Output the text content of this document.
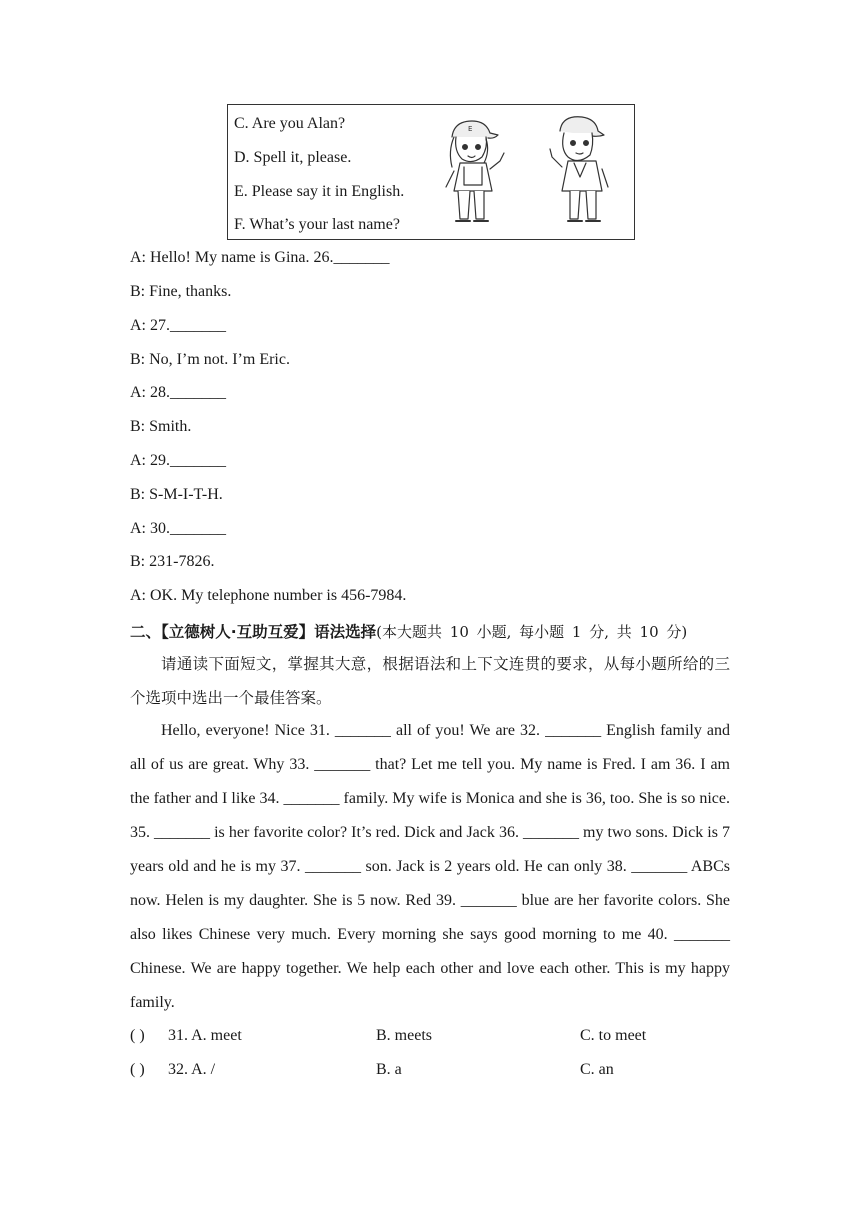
C. Are you Alan?
D. Spell it, please.
E. Please say it in English.
F. What’s your last name?
E
A: Hello! My name is Gina. 26._______
B: Fine, thanks.
A: 27._______
B: No, I’m not. I’m Eric.
A: 28._______
B: Smith.
A: 29._______
B: S-M-I-T-H.
A: 30._______
B: 231-7826.
A: OK. My telephone number is 456-7984.
二、【立德树人·互助互爱】语法选择(本大题共 10 小题, 每小题 1 分, 共 10 分)
请通读下面短文，掌握其大意，根据语法和上下文连贯的要求，从每小题所给的三个选项中选出一个最佳答案。
Hello, everyone! Nice 31. _______ all of you! We are 32. _______ English family and all of us are great. Why 33. _______ that? Let me tell you. My name is Fred. I am 36. I am the father and I like 34. _______ family. My wife is Monica and she is 36, too. She is so nice. 35. _______ is her favorite color? It’s red. Dick and Jack 36. _______ my two sons. Dick is 7 years old and he is my 37. _______ son. Jack is 2 years old. He can only 38. _______ ABCs now. Helen is my daughter. She is 5 now. Red 39. _______ blue are her favorite colors. She also likes Chinese very much. Every morning she says good morning to me 40. _______ Chinese. We are happy together. We help each other and love each other. This is my happy family.
( ) 31. A. meet	B. meets	C. to meet
( ) 32. A. /	B. a	C. an
